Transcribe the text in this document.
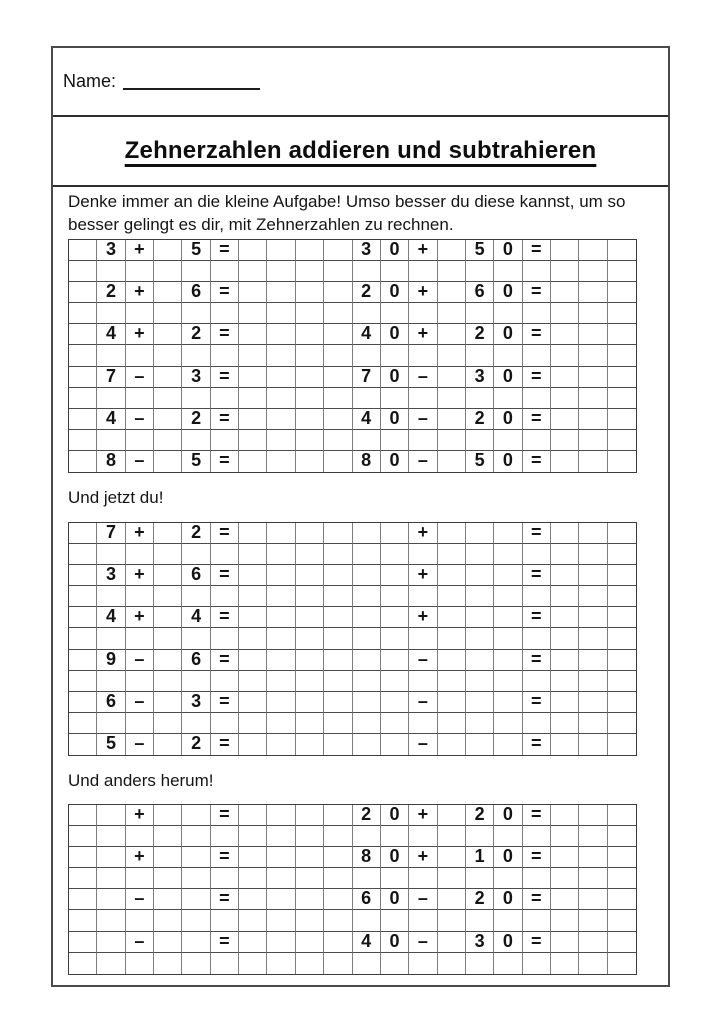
Name:
Zehnerzahlen addieren und subtrahieren

Denke immer an die kleine Aufgabe! Umso besser du diese kannst, um so
besser gelingt es dir, mit Zehnerzahlen zu rechnen.

3	+	5	=	3	0	+	5	0	=
2	+	6	=	2	0	+	6	0	=
4	+	2	=	4	0	+	2	0	=
7	–	3	=	7	0	–	3	0	=
4	–	2	=	4	0	–	2	0	=
8	–	5	=	8	0	–	5	0	=
Und jetzt du!
7	+	2	=	+	=
3	+	6	=	+	=
4	+	4	=	+	=
9	–	6	=	–	=
6	–	3	=	–	=
5	–	2	=	–	=
Und anders herum!
+	=	2	0	+	2	0	=
+	=	8	0	+	1	0	=
–	=	6	0	–	2	0	=
–	=	4	0	–	3	0	=
